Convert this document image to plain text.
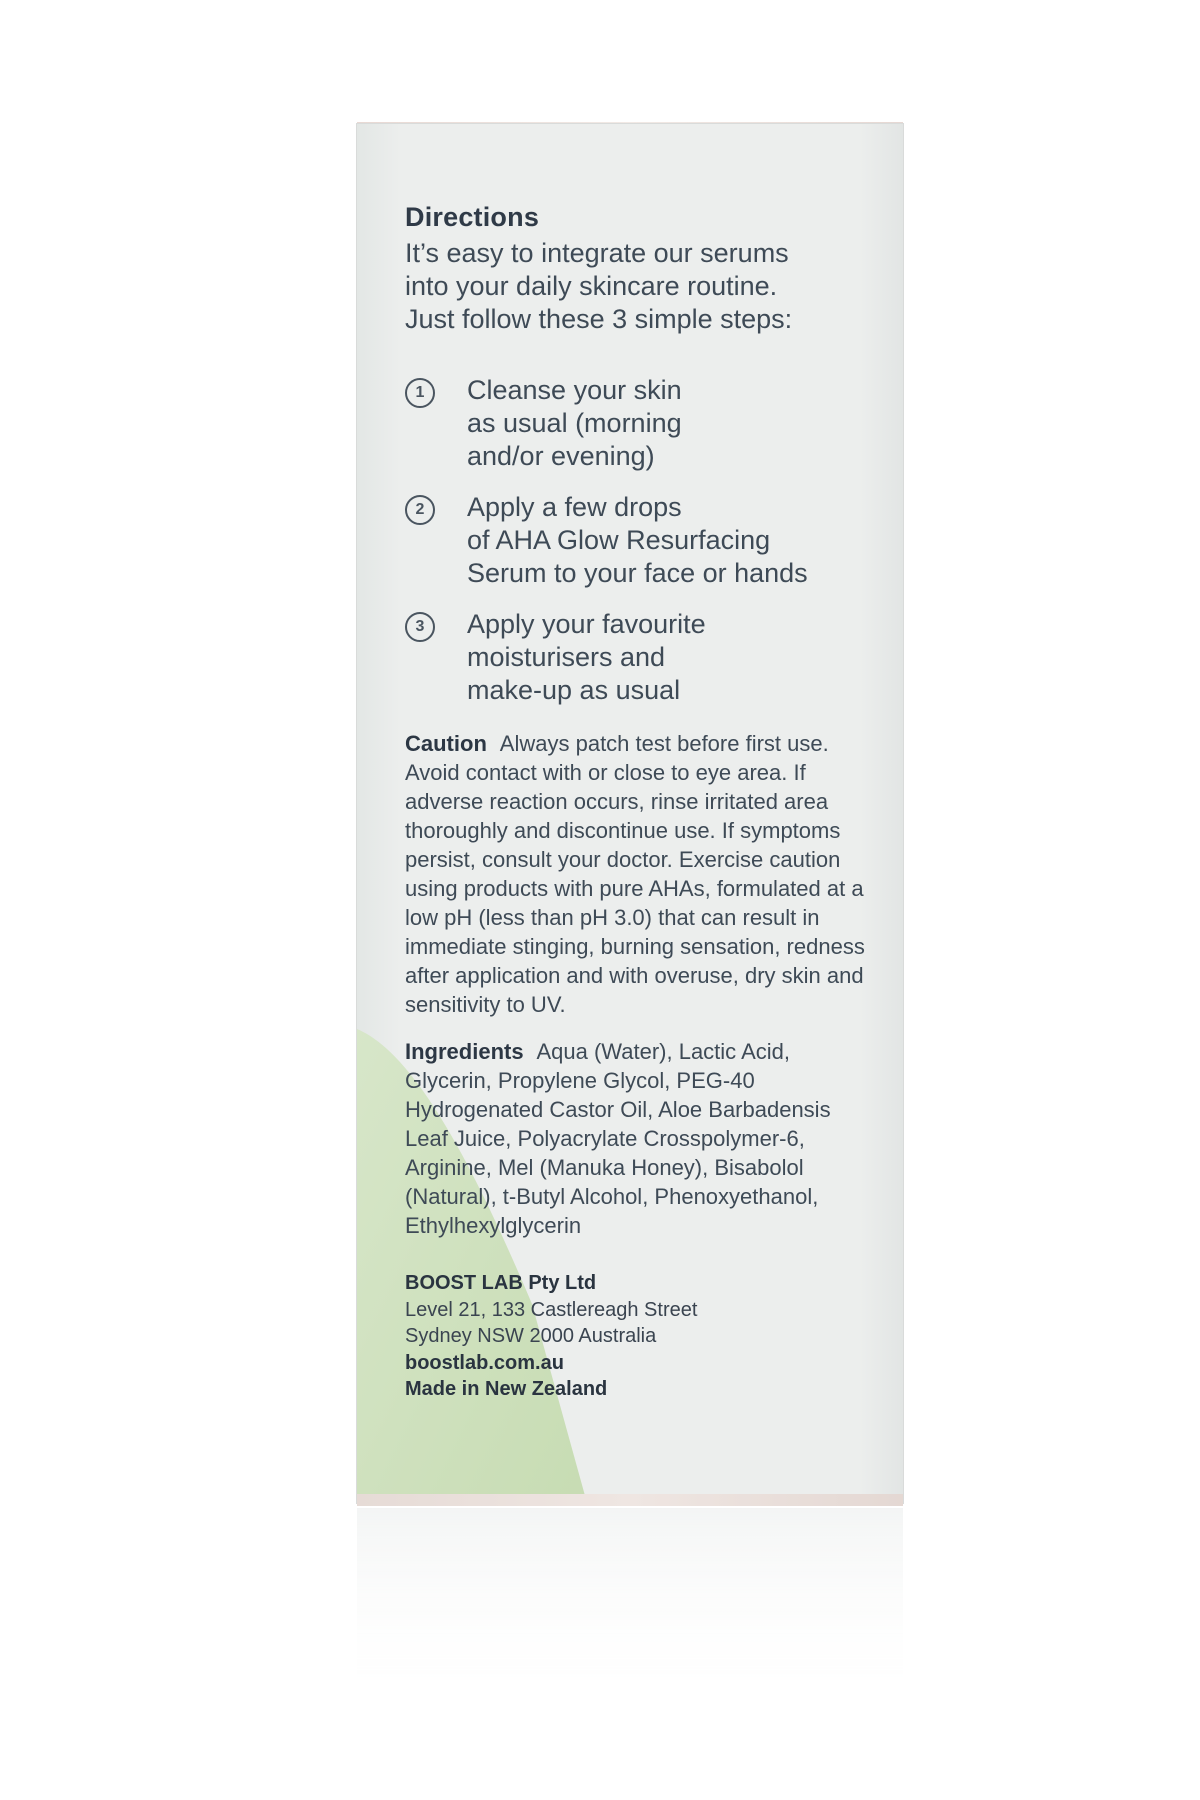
Directions

It’s easy to integrate our serums
into your daily skincare routine.
Just follow these 3 simple steps:

1	Cleanse your skin
as usual (morning
and/or evening)
2	Apply a few drops
of AHA Glow Resurfacing
Serum to your face or hands
3	Apply your favourite
moisturisers and
make-up as usual

Caution Always patch test before first use. Avoid contact with or close to eye area. If adverse reaction occurs, rinse irritated area thoroughly and discontinue use. If symptoms persist, consult your doctor. Exercise caution using products with pure AHAs, formulated at a low pH (less than pH 3.0) that can result in immediate stinging, burning sensation, redness after application and with overuse, dry skin and sensitivity to UV.

Ingredients Aqua (Water), Lactic Acid, Glycerin, Propylene Glycol, PEG-40 Hydrogenated Castor Oil, Aloe Barbadensis Leaf Juice, Polyacrylate Crosspolymer-6, Arginine, Mel (Manuka Honey), Bisabolol (Natural), t-Butyl Alcohol, Phenoxyethanol, Ethylhexylglycerin

BOOST LAB Pty Ltd
Level 21, 133 Castlereagh Street
Sydney NSW 2000 Australia
boostlab.com.au
Made in New Zealand
